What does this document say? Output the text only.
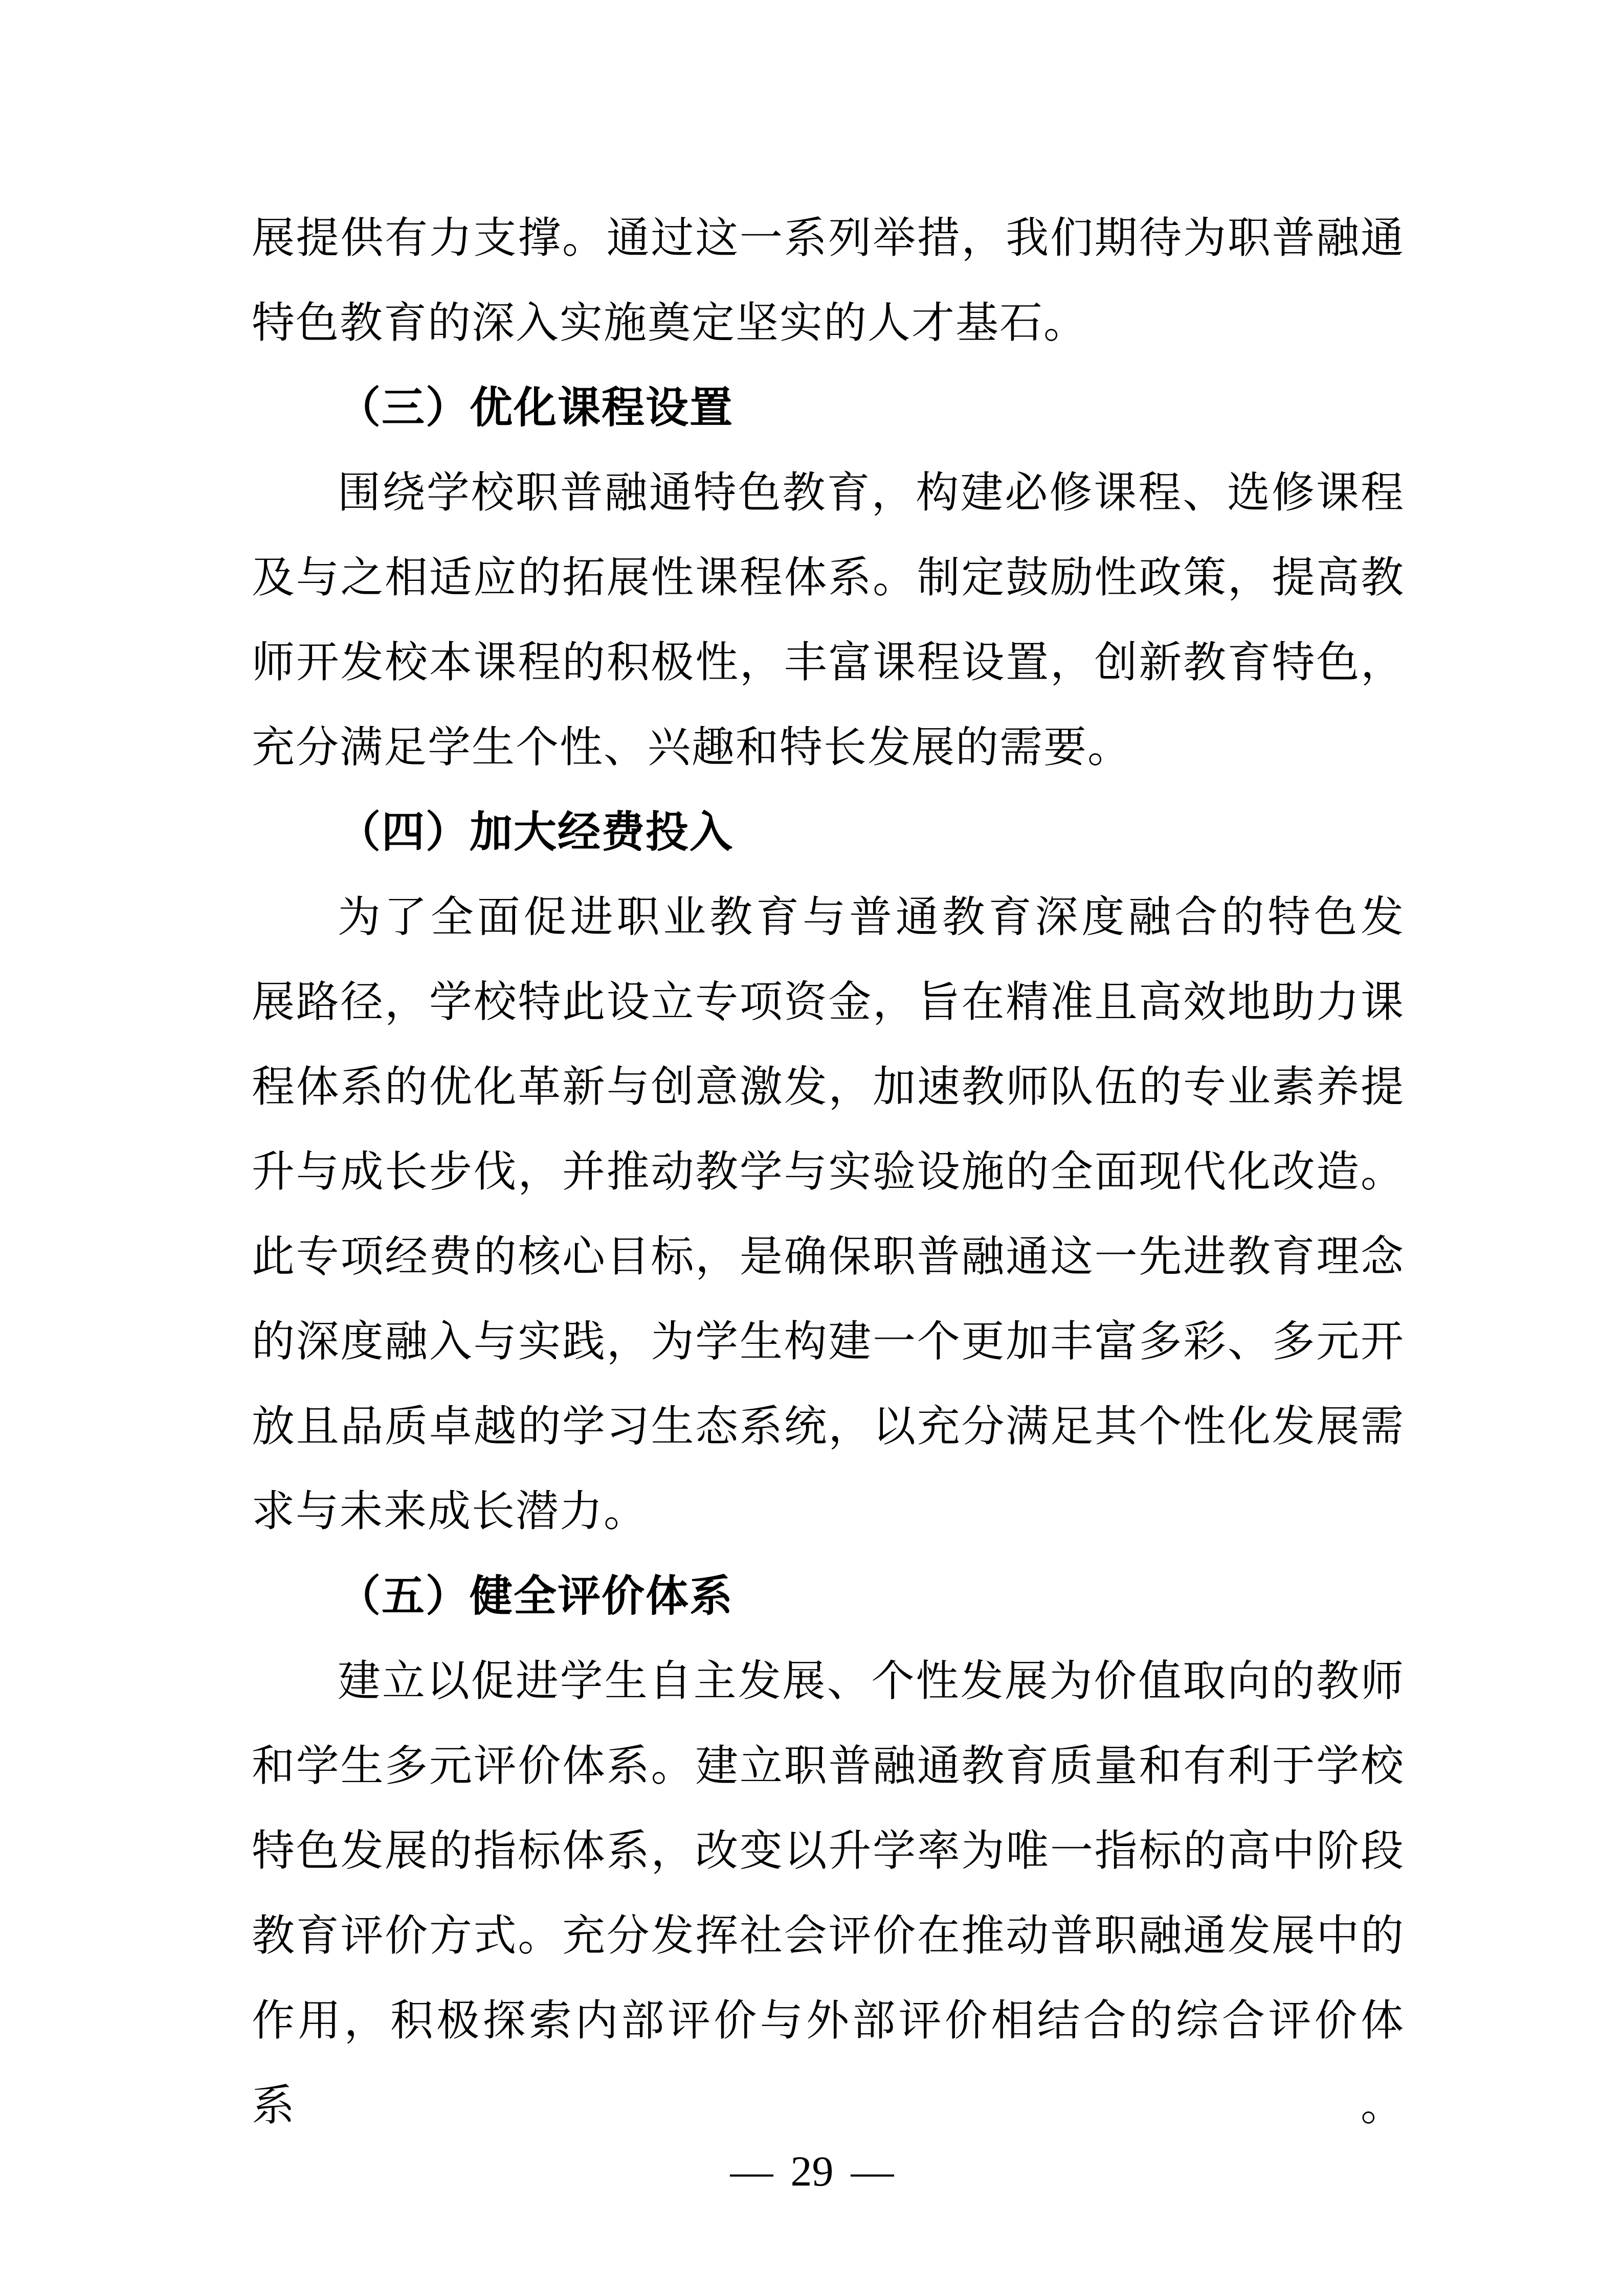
展提供有力支撑。通过这一系列举措，我们期待为职普融通
特色教育的深入实施奠定坚实的人才基石。
（三）优化课程设置
围绕学校职普融通特色教育，构建必修课程、选修课程
及与之相适应的拓展性课程体系。制定鼓励性政策，提高教
师开发校本课程的积极性，丰富课程设置，创新教育特色，
充分满足学生个性、兴趣和特长发展的需要。
（四）加大经费投入
为了全面促进职业教育与普通教育深度融合的特色发
展路径，学校特此设立专项资金，旨在精准且高效地助力课
程体系的优化革新与创意激发，加速教师队伍的专业素养提
升与成长步伐，并推动教学与实验设施的全面现代化改造。
此专项经费的核心目标，是确保职普融通这一先进教育理念
的深度融入与实践，为学生构建一个更加丰富多彩、多元开
放且品质卓越的学习生态系统，以充分满足其个性化发展需
求与未来成长潜力。
（五）健全评价体系
建立以促进学生自主发展、个性发展为价值取向的教师
和学生多元评价体系。建立职普融通教育质量和有利于学校
特色发展的指标体系，改变以升学率为唯一指标的高中阶段
教育评价方式。充分发挥社会评价在推动普职融通发展中的
作用，积极探索内部评价与外部评价相结合的综合评价体系。
— 29 —
